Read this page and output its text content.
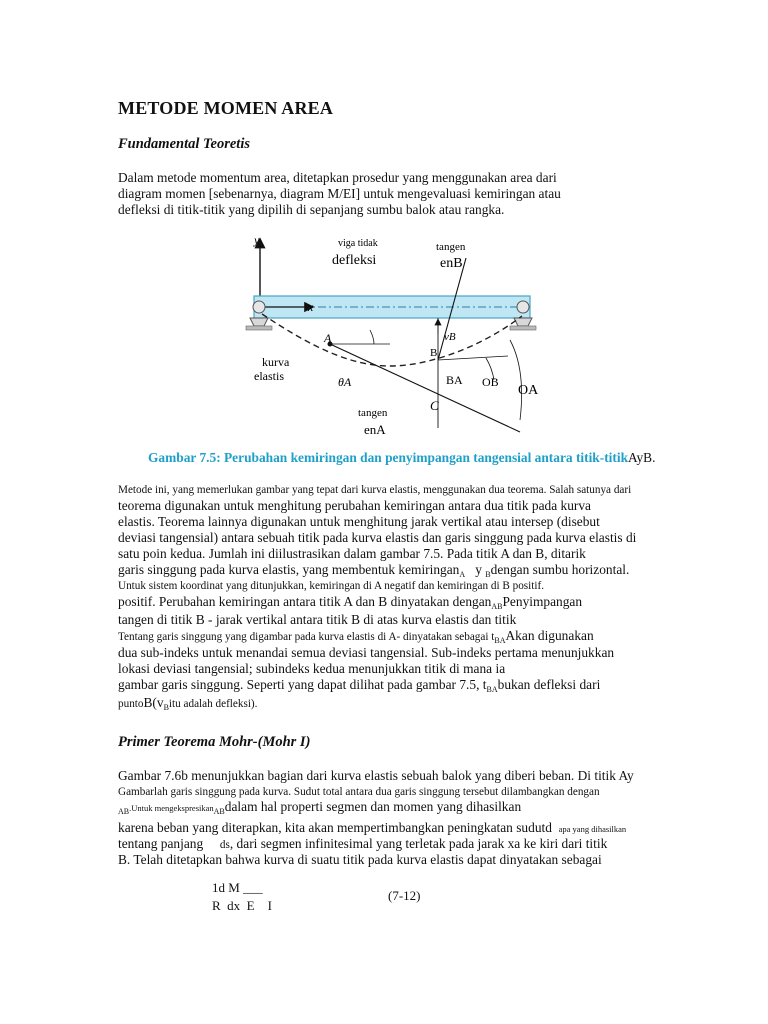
METODE MOMEN AREA
Fundamental Teoretis
Dalam metode momentum area, ditetapkan prosedur yang menggunakan area dari
diagram momen [sebenarnya, diagram M/EI] untuk mengevaluasi kemiringan atau
defleksi di titik-titik yang dipilih di sepanjang sumbu balok atau rangka.
y
x
viga tidak
defleksi
tangen
enB
vB
A
B
BA OB
OA
kurva
elastis	θA
C
tangen
enA
Gambar 7.5: Perubahan kemiringan dan penyimpangan tangensial antara titik-titikAyB.
Metode ini, yang memerlukan gambar yang tepat dari kurva elastis, menggunakan dua teorema. Salah satunya dari
teorema digunakan untuk menghitung perubahan kemiringan antara dua titik pada kurva
elastis. Teorema lainnya digunakan untuk menghitung jarak vertikal atau intersep (disebut
deviasi tangensial) antara sebuah titik pada kurva elastis dan garis singgung pada kurva elastis di
satu poin kedua. Jumlah ini diilustrasikan dalam gambar 7.5. Pada titik A dan B, ditarik
garis singgung pada kurva elastis, yang membentuk kemiringan$_A$ y $_B$dengan sumbu horizontal.
Untuk sistem koordinat yang ditunjukkan, kemiringan di A negatif dan kemiringan di B positif.
positif. Perubahan kemiringan antara titik A dan B dinyatakan dengan$_{AB}$Penyimpangan
tangen di titik B - jarak vertikal antara titik B di atas kurva elastis dan titik
Tentang garis singgung yang digambar pada kurva elastis di A- dinyatakan sebagai $t_{BA}Akan$ digunakan
dua sub-indeks untuk menandai semua deviasi tangensial. Sub-indeks pertama menunjukkan
lokasi deviasi tangensial; subindeks kedua menunjukkan titik di mana ia
gambar garis singgung. Seperti yang dapat dilihat pada gambar 7.5, $t_{BA}bukan$ defleksi dari
$puntoB(v_Bitu$ adalah defleksi).
Primer Teorema Mohr-(Mohr I)
Gambar 7.6b menunjukkan bagian dari kurva elastis sebuah balok yang diberi beban. Di titik Ay
Gambarlah garis singgung pada kurva. Sudut total antara dua garis singgung tersebut dilambangkan dengan
$_{AB}$.Untuk mengekspresikan$_{AB}$dalam hal properti segmen dan momen yang dihasilkan
karena beban yang diterapkan, kita akan mempertimbangkan peningkatan sudutd apa yang dihasilkan
tentang panjang ds, dari segmen infinitesimal yang terletak pada jarak xa ke kiri dari titik
B. Telah ditetapkan bahwa kurva di suatu titik pada kurva elastis dapat dinyatakan sebagai
1d M ___
R dx E I
(7-12)
